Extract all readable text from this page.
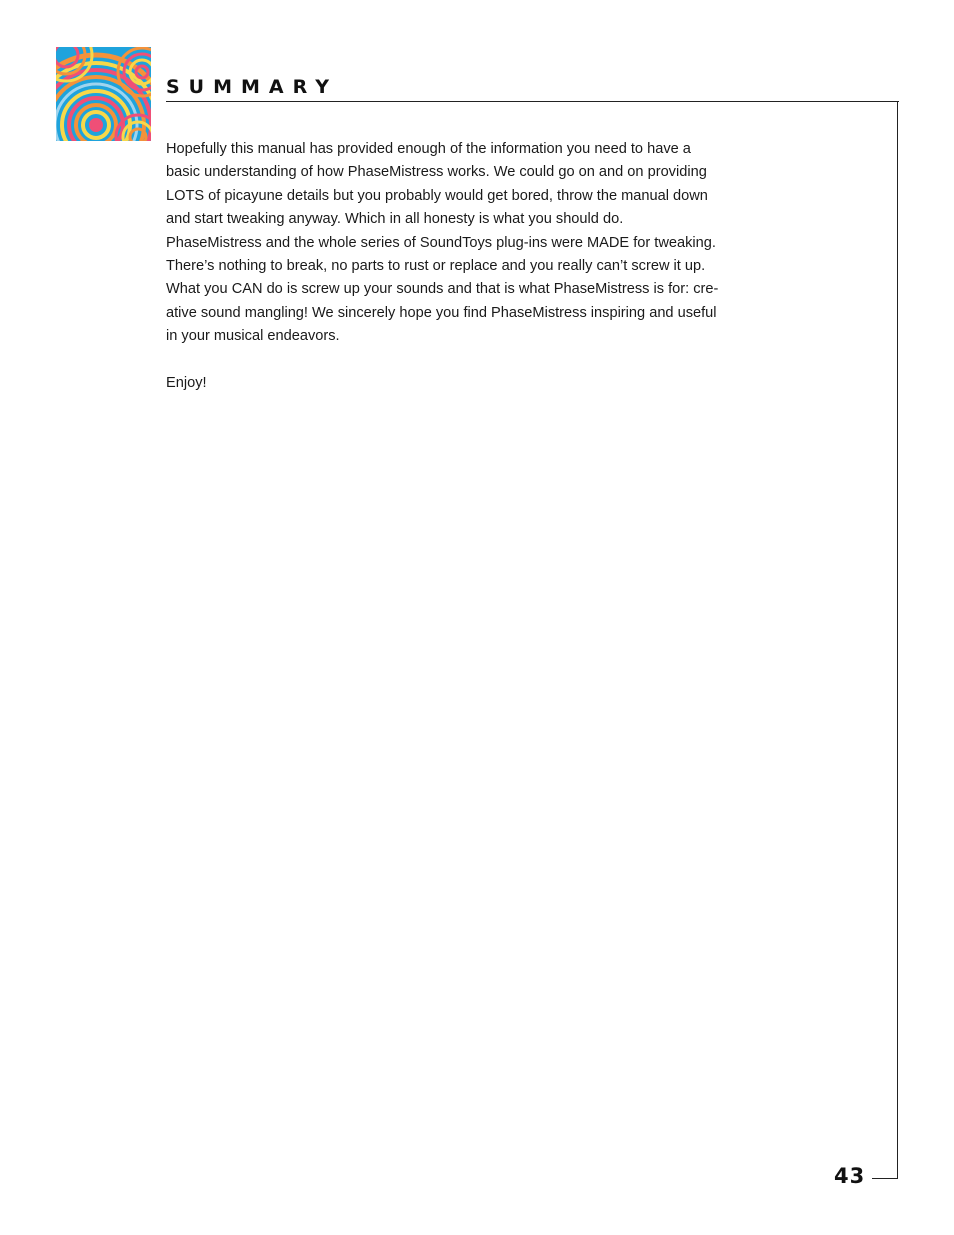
SUMMARY
Hopefully this manual has provided enough of the information you need to have a
basic understanding of how PhaseMistress works. We could go on and on providing
LOTS of picayune details but you probably would get bored, throw the manual down
and start tweaking anyway. Which in all honesty is what you should do.
PhaseMistress and the whole series of SoundToys plug-ins were MADE for tweaking.
There’s nothing to break, no parts to rust or replace and you really can’t screw it up.
What you CAN do is screw up your sounds and that is what PhaseMistress is for: cre-
ative sound mangling! We sincerely hope you find PhaseMistress inspiring and useful
in your musical endeavors.
Enjoy!
43
